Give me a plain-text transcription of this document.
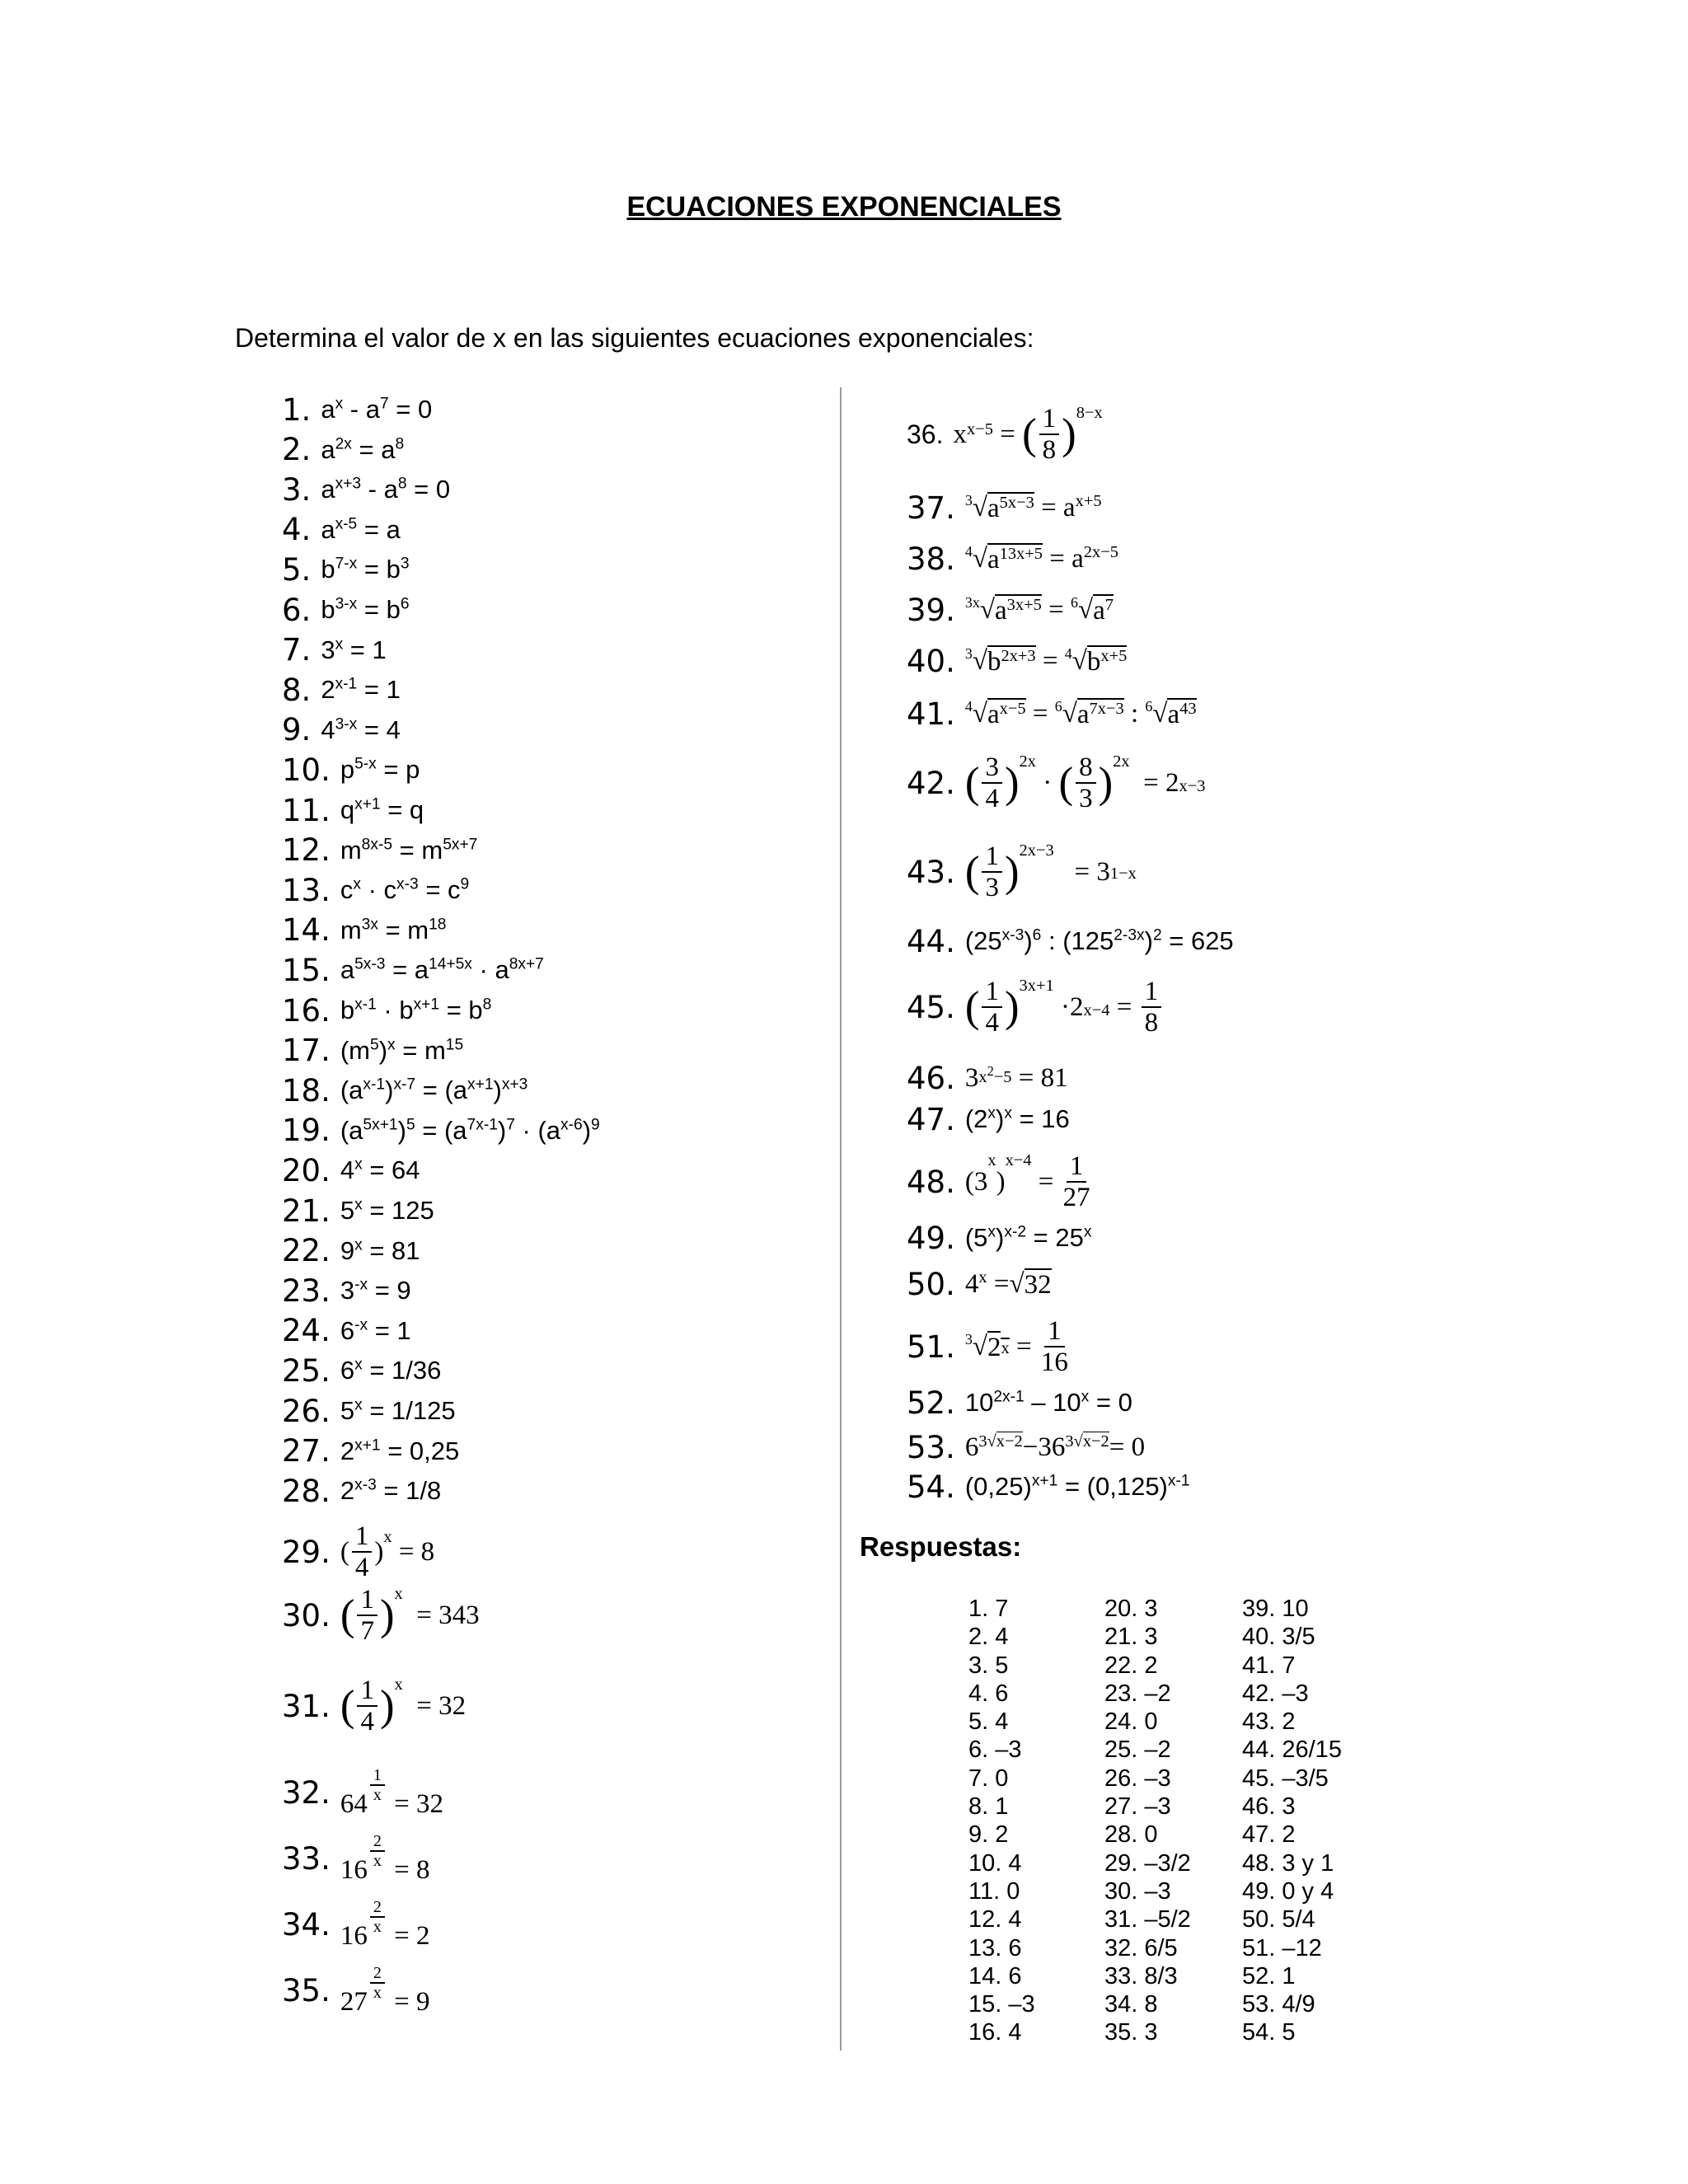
ECUACIONES EXPONENCIALES
Determina el valor de x en las siguientes ecuaciones exponenciales:
1. $a^x - a^7 = 0$
2. $a^{2x} = a^8$
3. $a^{x+3} - a^8 = 0$
4. $a^{x-5} = a$
5. $b^{7-x} = b^3$
6. $b^{3-x} = b^6$
7. $3^x = 1$
8. $2^{x-1} = 1$
9. $4^{3-x} = 4$
10. $p^{5-x} = p$
11. $q^{x+1} = q$
12. $m^{8x-5} = m^{5x+7}$
13. $c^x \cdot c^{x-3} = c^9$
14. $m^{3x} = m^{18}$
15. $a^{5x-3} = a^{14+5x} \cdot a^{8x+7}$
16. $b^{x-1} \cdot b^{x+1} = b^8$
17. $(m^5)^x = m^{15}$
18. $(a^{x-1})^{x-7} = (a^{x+1})^{x+3}$
19. $(a^{5x+1})^5 = (a^{7x-1})^7 \cdot (a^{x-6})^9$
20. $4^x = 64$
21. $5^x = 125$
22. $9^x = 81$
23. $3^{-x} = 9$
24. $6^{-x} = 1$
25. $6^x = 1/36$
26. $5^x = 1/125$
27. $2^{x+1} = 0,25$
28. $2^{x-3} = 1/8$
29. ( $\frac{1}{4} )^x$
= 8
30. ( $\frac{1}{7} )^x$

= 343
31. ( $\frac{1}{4} )^x$

= 32
32. $64 \frac{1}{x}$
= 32
33. $16 \frac{2}{x}$
= 8
34. $16 \frac{2}{x}$
= 2
35. $27 \frac{2}{x}$
= 9
36. x x−5 = ( $\frac{1}{8} )^{8-x}$
37. 3 √ $a^{5x-3}$
= $a^{x+5}$
38. 4 √ $a^{13x+5}$
= $a^{2x-5}$
39. 3x √ $a^{3x+5} = 6$ √ $a^7$
40. 3 √ $b^{2x+3} = 4$ √ $b^{x+5}$
41. 4 √ $a^{x-5} = 6$ √ $a^{7x-3}$ : 6 √ $a^{43}$
42. ( $\frac{3}{4} )^{2x}$
· ( $\frac{8}{3} )^{2x}$

= 2 x−3
43. ( $\frac{1}{3} )^{2x-3}$

= 3 1−x
44. $(25^{x-3})^6$ : $(125^{2-3x})^2 = 625$
45. ( $\frac{1}{4} )^{3x+1}$

·2 $x-4 = \frac{1}{8}$
46. 3 $x^2-5$
= 81
47. $(2^x)^x = 16$
48. ( 3
$^x$
)
x−4
= $\frac{1}{27}$
49. $(5^x)^{x-2} = 25^x$
50. 4$^x$
= √ 32
51. 3 √ 2 $x = \frac{1}{16}$
52. $10^{2x-1} - 10^x = 0$
53. 6 $^{3√x-2}$ −36 $^{3√x-2}$ = 0
54. $(0,25)^{x+1} = (0,125)^{x-1}$
Respuestas:
1. 7
2. 4
3. 5
4. 6
5. 4
6. –3
7. 0
8. 1
9. 2
10. 4
11. 0
12. 4
13. 6
14. 6
15. –3
16. 4
20. 3
21. 3
22. 2
23. –2
24. 0
25. –2
26. –3
27. –3
28. 0
29. –3/2
30. –3
31. –5/2
32. 6/5
33. 8/3
34. 8
35. 3
39. 10
40. 3/5
41. 7
42. –3
43. 2
44. 26/15
45. –3/5
46. 3
47. 2
48. 3 y 1
49. 0 y 4
50. 5/4
51. –12
52. 1
53. 4/9
54. 5
